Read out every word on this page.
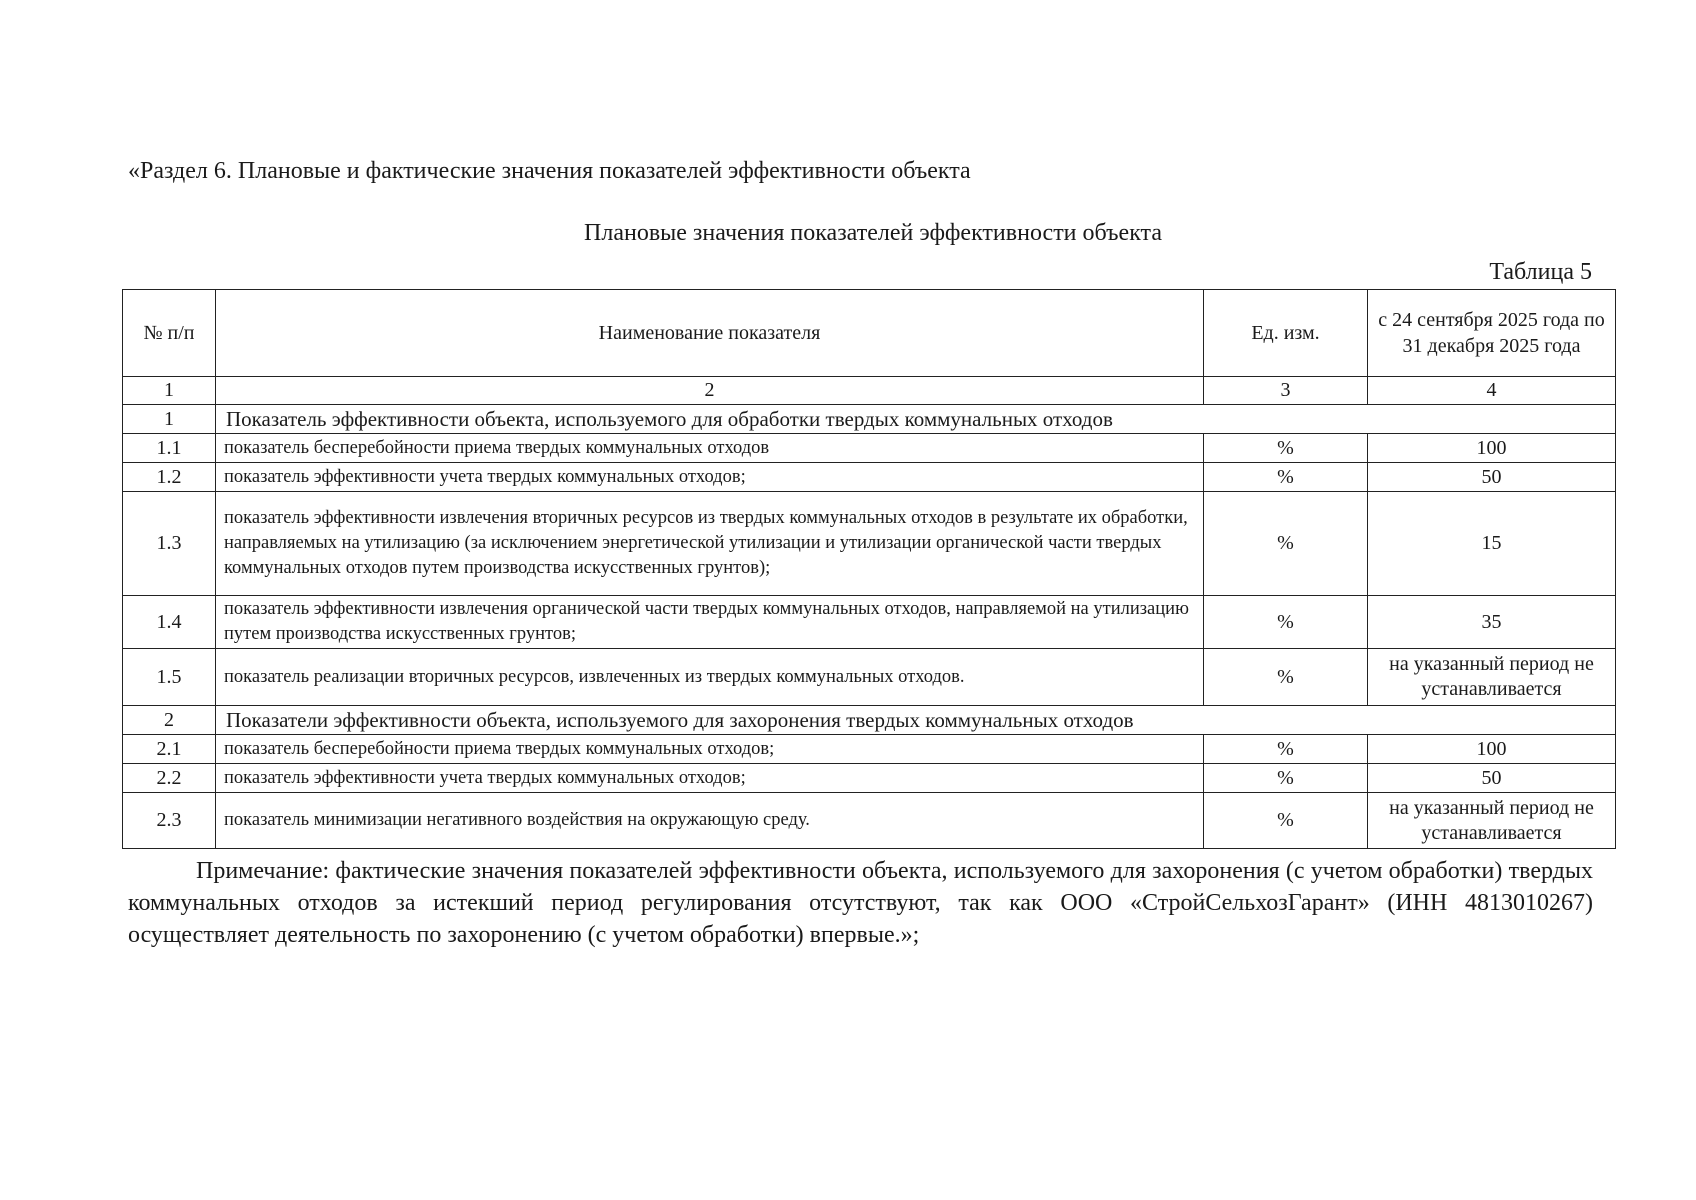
«Раздел 6. Плановые и фактические значения показателей эффективности объекта
Плановые значения показателей эффективности объекта
Таблица 5
№ п/п	Наименование показателя	Ед. изм.	с 24 сентября 2025 года по 31 декабря 2025 года
1	2	3	4
1	Показатель эффективности объекта, используемого для обработки твердых коммунальных отходов		
1.1	показатель бесперебойности приема твердых коммунальных отходов	%	100
1.2	показатель эффективности учета твердых коммунальных отходов;	%	50
1.3	показатель эффективности извлечения вторичных ресурсов из твердых коммунальных отходов в результате их обработки, направляемых на утилизацию (за исключением энергетической утилизации и утилизации органической части твердых коммунальных отходов путем производства искусственных грунтов);	%	15
1.4	показатель эффективности извлечения органической части твердых коммунальных отходов, направляемой на утилизацию путем производства искусственных грунтов;	%	35
1.5	показатель реализации вторичных ресурсов, извлеченных из твердых коммунальных отходов.	%	на указанный период не устанавливается
2	Показатели эффективности объекта, используемого для захоронения твердых коммунальных отходов		
2.1	показатель бесперебойности приема твердых коммунальных отходов;	%	100
2.2	показатель эффективности учета твердых коммунальных отходов;	%	50
2.3	показатель минимизации негативного воздействия на окружающую среду.	%	на указанный период не устанавливается
Примечание: фактические значения показателей эффективности объекта, используемого для захоронения (с учетом обработки) твердых коммунальных отходов за истекший период регулирования отсутствуют, так как ООО «СтройСельхозГарант» (ИНН 4813010267) осуществляет деятельность по захоронению (с учетом обработки) впервые.»;
